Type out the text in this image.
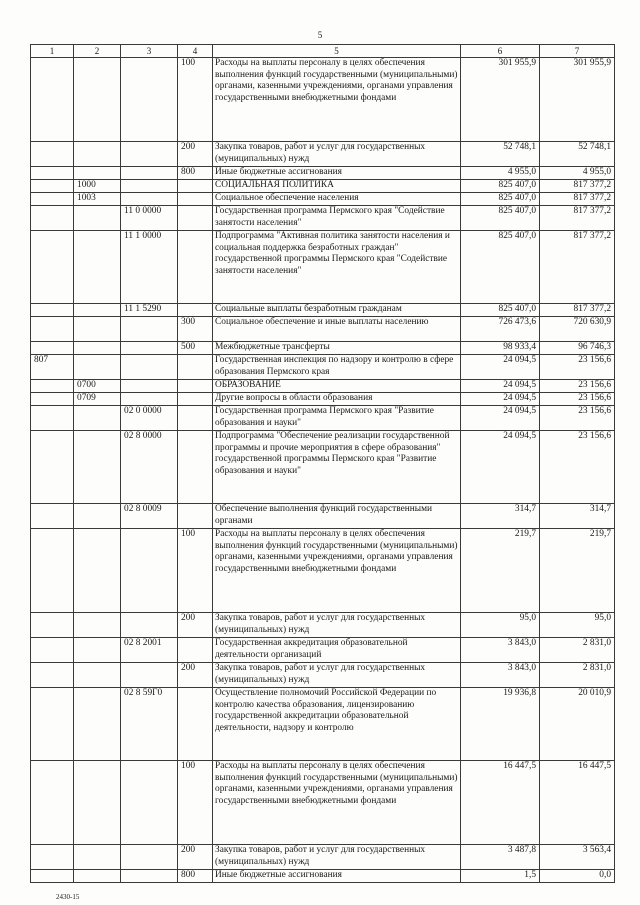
5
1	2	3	4	5	6	7
			100	Расходы на выплаты персоналу в целях обеспечения выполнения функций государственными (муниципальными) органами, казенными учреждениями, органами управления государственными внебюджетными фондами	301 955,9	301 955,9
			200	Закупка товаров, работ и услуг для государственных (муниципальных) нужд	52 748,1	52 748,1
			800	Иные бюджетные ассигнования	4 955,0	4 955,0
	1000			СОЦИАЛЬНАЯ ПОЛИТИКА	825 407,0	817 377,2
	1003			Социальное обеспечение населения	825 407,0	817 377,2
		11 0 0000		Государственная программа Пермского края "Содействие занятости населения"	825 407,0	817 377,2
		11 1 0000		Подпрограмма "Активная политика занятости населения и социальная поддержка безработных граждан" государственной программы Пермского края "Содействие занятости населения"	825 407,0	817 377,2
		11 1 5290		Социальные выплаты безработным гражданам	825 407,0	817 377,2
			300	Социальное обеспечение и иные выплаты населению	726 473,6	720 630,9
			500	Межбюджетные трансферты	98 933,4	96 746,3
807				Государственная инспекция по надзору и контролю в сфере образования Пермского края	24 094,5	23 156,6
	0700			ОБРАЗОВАНИЕ	24 094,5	23 156,6
	0709			Другие вопросы в области образования	24 094,5	23 156,6
		02 0 0000		Государственная программа Пермского края "Развитие образования и науки"	24 094,5	23 156,6
		02 8 0000		Подпрограмма "Обеспечение реализации государственной программы и прочие мероприятия в сфере образования" государственной программы Пермского края "Развитие образования и науки"	24 094,5	23 156,6
		02 8 0009		Обеспечение выполнения функций государственными органами	314,7	314,7
			100	Расходы на выплаты персоналу в целях обеспечения выполнения функций государственными (муниципальными) органами, казенными учреждениями, органами управления государственными внебюджетными фондами	219,7	219,7
			200	Закупка товаров, работ и услуг для государственных (муниципальных) нужд	95,0	95,0
		02 8 2001		Государственная аккредитация образовательной деятельности организаций	3 843,0	2 831,0
			200	Закупка товаров, работ и услуг для государственных (муниципальных) нужд	3 843,0	2 831,0
		02 8 59Г0		Осуществление полномочий Российской Федерации по контролю качества образования, лицензированию государственной аккредитации образовательной деятельности, надзору и контролю	19 936,8	20 010,9
			100	Расходы на выплаты персоналу в целях обеспечения выполнения функций государственными (муниципальными) органами, казенными учреждениями, органами управления государственными внебюджетными фондами	16 447,5	16 447,5
			200	Закупка товаров, работ и услуг для государственных (муниципальных) нужд	3 487,8	3 563,4
			800	Иные бюджетные ассигнования	1,5	0,0
2430-15
